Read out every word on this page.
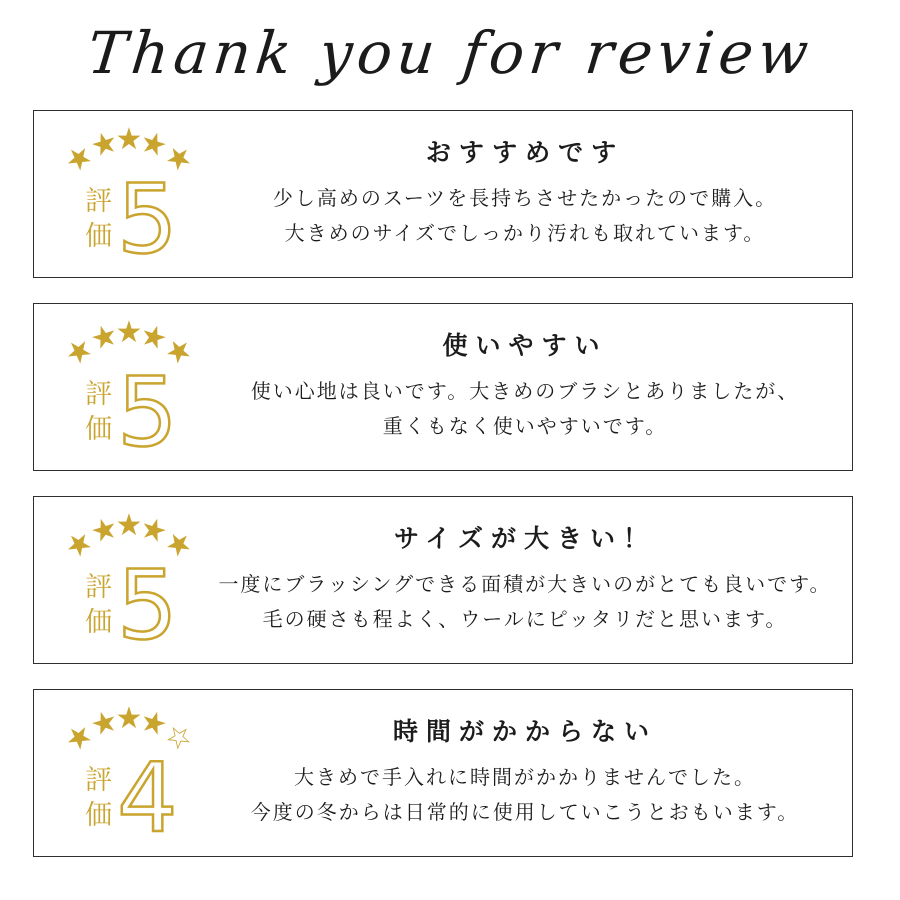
Thank you for review
★
★
★
★
★
評価 5
おすすめです

少し高めのスーツを長持ちさせたかったので購入。

大きめのサイズでしっかり汚れも取れています。

★
★
★
★
★
評価 5
使いやすい

使い心地は良いです。大きめのブラシとありましたが、

重くもなく使いやすいです。

★
★
★
★
★
評価 5
サイズが大きい！

一度にブラッシングできる面積が大きいのがとても良いです。

毛の硬さも程よく、ウールにピッタリだと思います。

★
★
★
★
☆
評価 4
時間がかからない

大きめで手入れに時間がかかりませんでした。

今度の冬からは日常的に使用していこうとおもいます。
